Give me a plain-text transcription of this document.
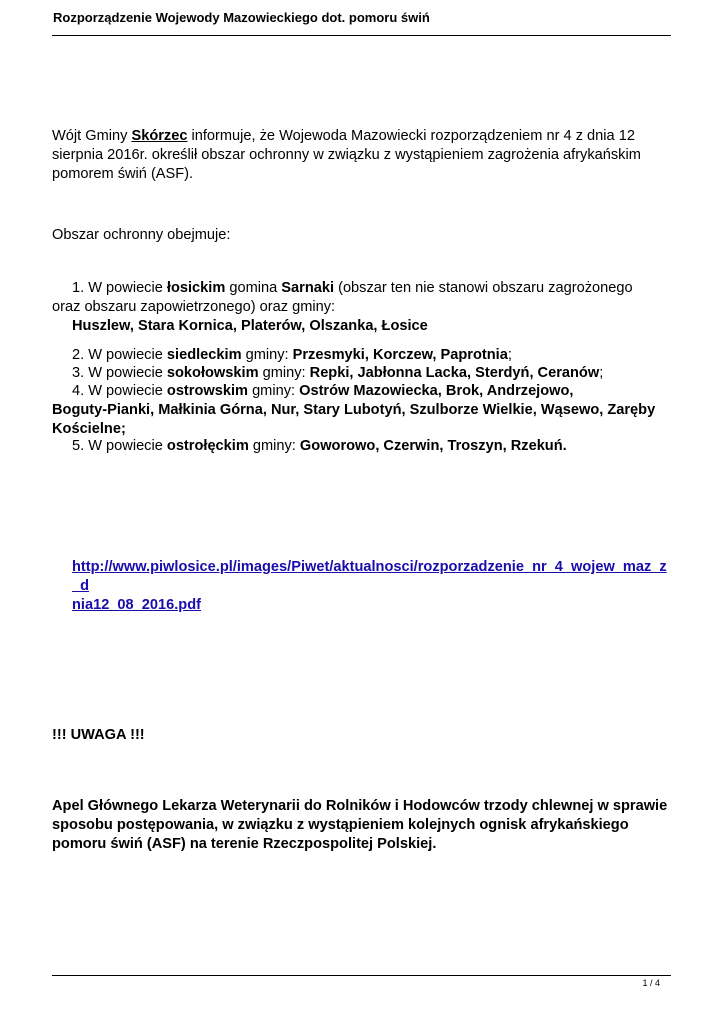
Rozporządzenie Wojewody Mazowieckiego dot. pomoru świń
Wójt Gminy Skórzec informuje, że Wojewoda Mazowiecki rozporządzeniem nr 4 z dnia 12
sierpnia 2016r. określił obszar ochronny w związku z wystąpieniem zagrożenia afrykańskim
pomorem świń (ASF).
Obszar ochronny obejmuje:
1. W powiecie łosickim gomina Sarnaki (obszar ten nie stanowi obszaru zagrożonego
oraz obszaru zapowietrzonego) oraz gminy:
Huszlew, Stara Kornica, Platerów, Olszanka, Łosice
2. W powiecie siedleckim gminy: Przesmyki, Korczew, Paprotnia;
3. W powiecie sokołowskim gminy: Repki, Jabłonna Lacka, Sterdyń, Ceranów;
4. W powiecie ostrowskim gminy: Ostrów Mazowiecka, Brok, Andrzejowo,
Boguty-Pianki, Małkinia Górna, Nur, Stary Lubotyń, Szulborze Wielkie, Wąsewo, Zaręby
Kościelne;
5. W powiecie ostrołęckim gminy: Goworowo, Czerwin, Troszyn, Rzekuń.
http://www.piwlosice.pl/images/Piwet/aktualnosci/rozporzadzenie_nr_4_wojew_maz_z_d
nia12_08_2016.pdf
!!! UWAGA !!!
Apel Głównego Lekarza Weterynarii do Rolników i Hodowców trzody chlewnej w sprawie
sposobu postępowania, w związku z wystąpieniem kolejnych ognisk afrykańskiego
pomoru świń (ASF) na terenie Rzeczpospolitej Polskiej.
1 / 4
